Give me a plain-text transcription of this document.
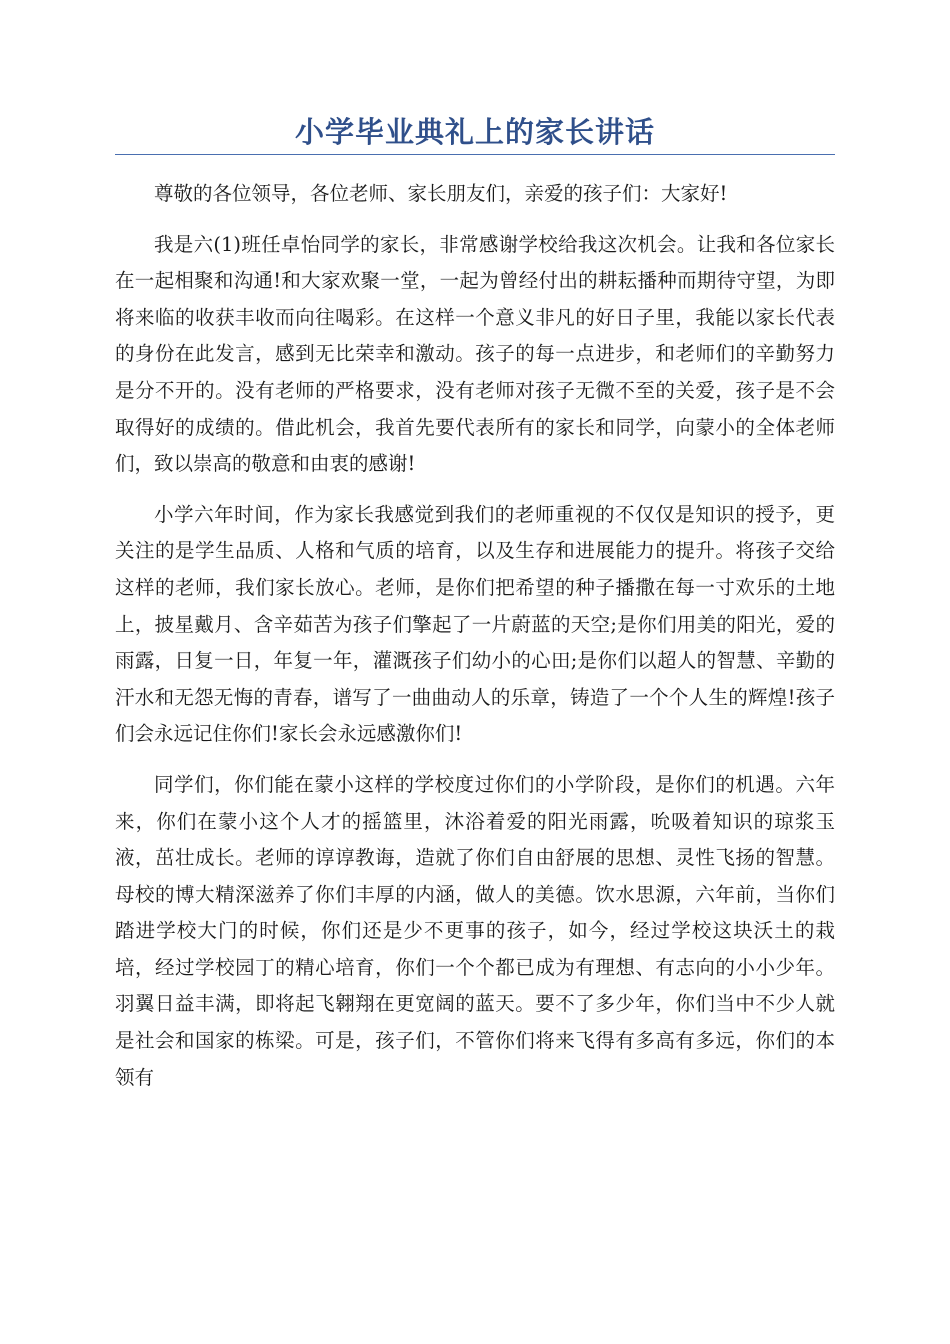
小学毕业典礼上的家长讲话

尊敬的各位领导，各位老师、家长朋友们，亲爱的孩子们：大家好!

我是六(1)班任卓怡同学的家长，非常感谢学校给我这次机会。让我和各位家长在一起相聚和沟通!和大家欢聚一堂，一起为曾经付出的耕耘播种而期待守望，为即将来临的收获丰收而向往喝彩。在这样一个意义非凡的好日子里，我能以家长代表的身份在此发言，感到无比荣幸和激动。孩子的每一点进步，和老师们的辛勤努力是分不开的。没有老师的严格要求，没有老师对孩子无微不至的关爱，孩子是不会取得好的成绩的。借此机会，我首先要代表所有的家长和同学，向蒙小的全体老师们，致以崇高的敬意和由衷的感谢!

小学六年时间，作为家长我感觉到我们的老师重视的不仅仅是知识的授予，更关注的是学生品质、人格和气质的培育，以及生存和进展能力的提升。将孩子交给这样的老师，我们家长放心。老师，是你们把希望的种子播撒在每一寸欢乐的土地上，披星戴月、含辛茹苦为孩子们擎起了一片蔚蓝的天空;是你们用美的阳光，爱的雨露，日复一日，年复一年，灌溉孩子们幼小的心田;是你们以超人的智慧、辛勤的汗水和无怨无悔的青春，谱写了一曲曲动人的乐章，铸造了一个个人生的辉煌!孩子们会永远记住你们!家长会永远感激你们!

同学们，你们能在蒙小这样的学校度过你们的小学阶段，是你们的机遇。六年来，你们在蒙小这个人才的摇篮里，沐浴着爱的阳光雨露，吮吸着知识的琼浆玉液，茁壮成长。老师的谆谆教诲，造就了你们自由舒展的思想、灵性飞扬的智慧。母校的博大精深滋养了你们丰厚的内涵，做人的美德。饮水思源，六年前，当你们踏进学校大门的时候，你们还是少不更事的孩子，如今，经过学校这块沃土的栽培，经过学校园丁的精心培育，你们一个个都已成为有理想、有志向的小小少年。羽翼日益丰满，即将起飞翱翔在更宽阔的蓝天。要不了多少年，你们当中不少人就是社会和国家的栋梁。可是，孩子们，不管你们将来飞得有多高有多远，你们的本领有
